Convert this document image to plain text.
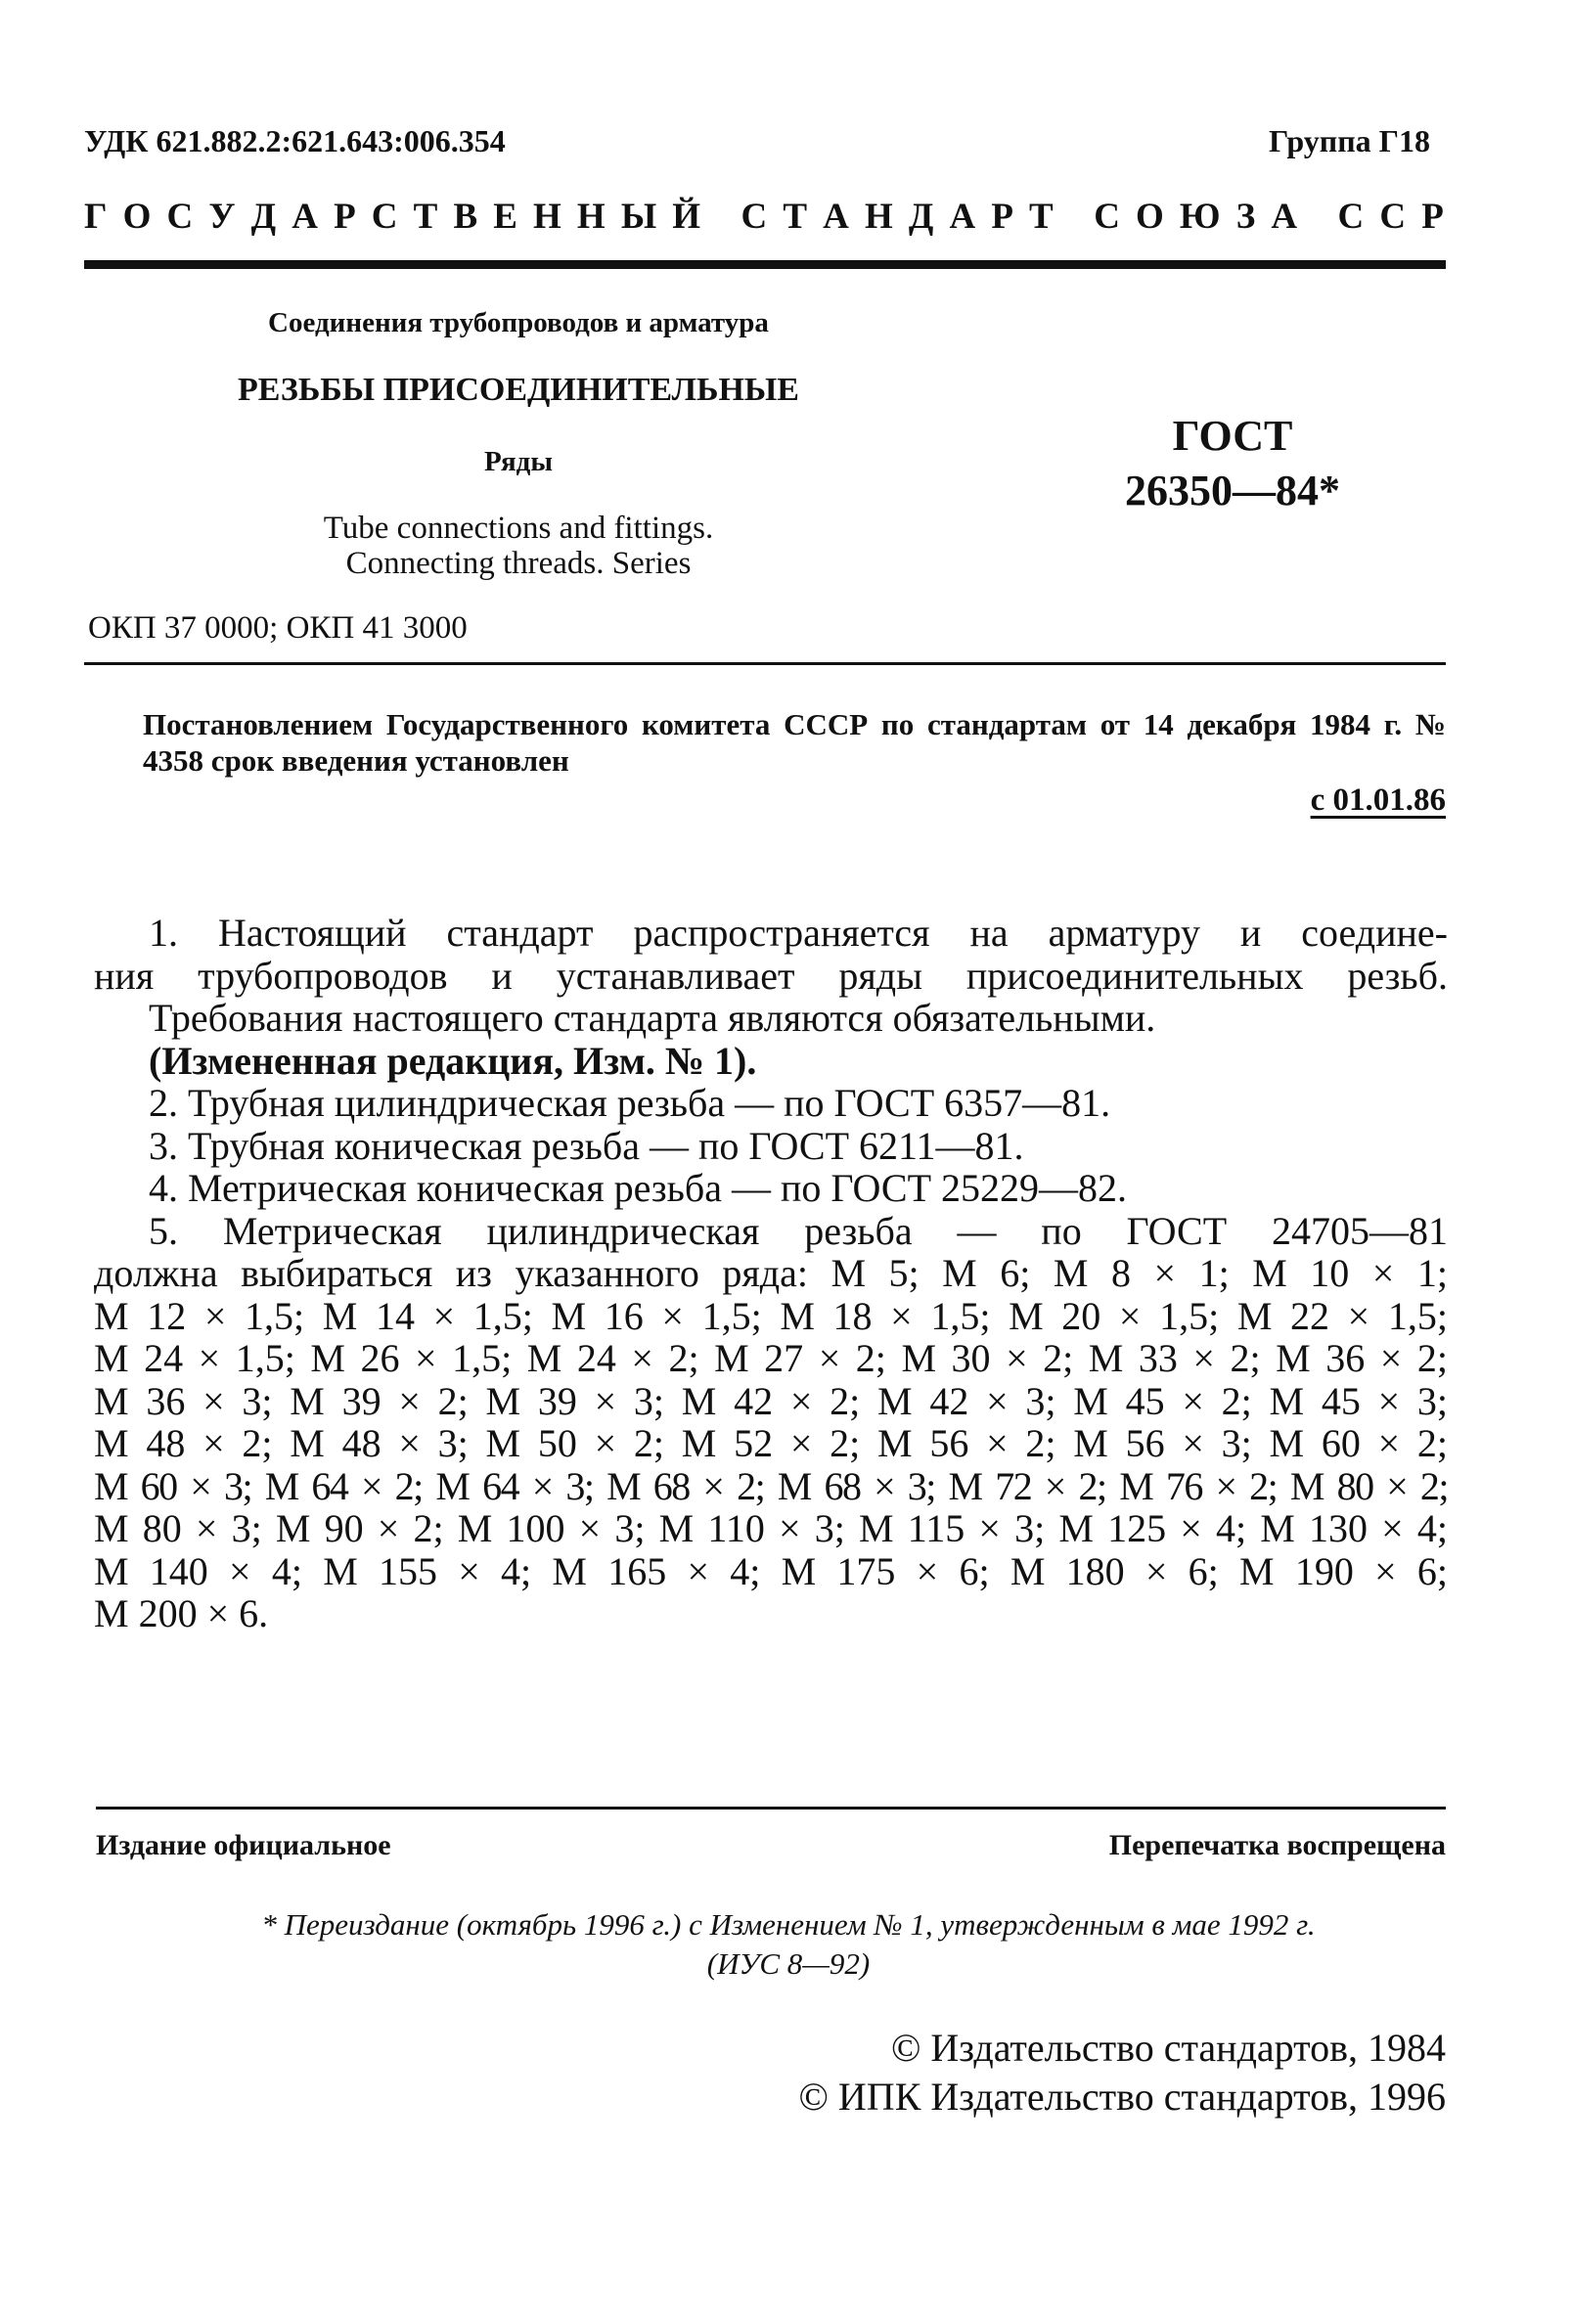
УДК 621.882.2:621.643:006.354	Группа Г18
Г О С У Д А Р С Т В Е Н Н Ы Й
С Т А Н Д А Р Т
С О Ю З А
С С Р
Соединения трубопроводов и арматура
РЕЗЬБЫ ПРИСОЕДИНИТЕЛЬНЫЕ
Ряды
Tube connections and fittings.
Connecting threads. Series
ГОСТ
26350—84*
ОКП 37 0000; ОКП 41 3000
Постановлением Государственного комитета СССР по стандартам от 14 декабря 1984 г. № 4358 срок введения установлен
с 01.01.86

1. Настоящий стандарт распространяется на арматуру и соедине-

ния трубопроводов и устанавливает ряды присоединительных резьб.

Требования настоящего стандарта являются обязательными.

(Измененная редакция, Изм. № 1).

2. Трубная цилиндрическая резьба — по ГОСТ 6357—81.

3. Трубная коническая резьба — по ГОСТ 6211—81.

4. Метрическая коническая резьба — по ГОСТ 25229—82.

5. Метрическая цилиндрическая резьба — по ГОСТ 24705—81

должна выбираться из указанного ряда: М 5; М 6; М 8 × 1; М 10 × 1;

М 12 × 1,5; М 14 × 1,5; М 16 × 1,5; М 18 × 1,5; М 20 × 1,5; М 22 × 1,5;

М 24 × 1,5; М 26 × 1,5; М 24 × 2; М 27 × 2; М 30 × 2; М 33 × 2; М 36 × 2;

М 36 × 3; М 39 × 2; М 39 × 3; М 42 × 2; М 42 × 3; М 45 × 2; М 45 × 3;

М 48 × 2; М 48 × 3; М 50 × 2; М 52 × 2; М 56 × 2; М 56 × 3; М 60 × 2;

М 60 × 3; М 64 × 2; М 64 × 3; М 68 × 2; М 68 × 3; М 72 × 2; М 76 × 2; М 80 × 2;

М 80 × 3; М 90 × 2; М 100 × 3; М 110 × 3; М 115 × 3; М 125 × 4; М 130 × 4;

М 140 × 4; М 155 × 4; М 165 × 4; М 175 × 6; М 180 × 6; М 190 × 6;

М 200 × 6.

Издание официальное	Перепечатка воспрещена
* Переиздание (октябрь 1996 г.) с Изменением № 1, утвержденным в мае 1992 г.
(ИУС 8—92)
© Издательство стандартов, 1984
© ИПК Издательство стандартов, 1996
